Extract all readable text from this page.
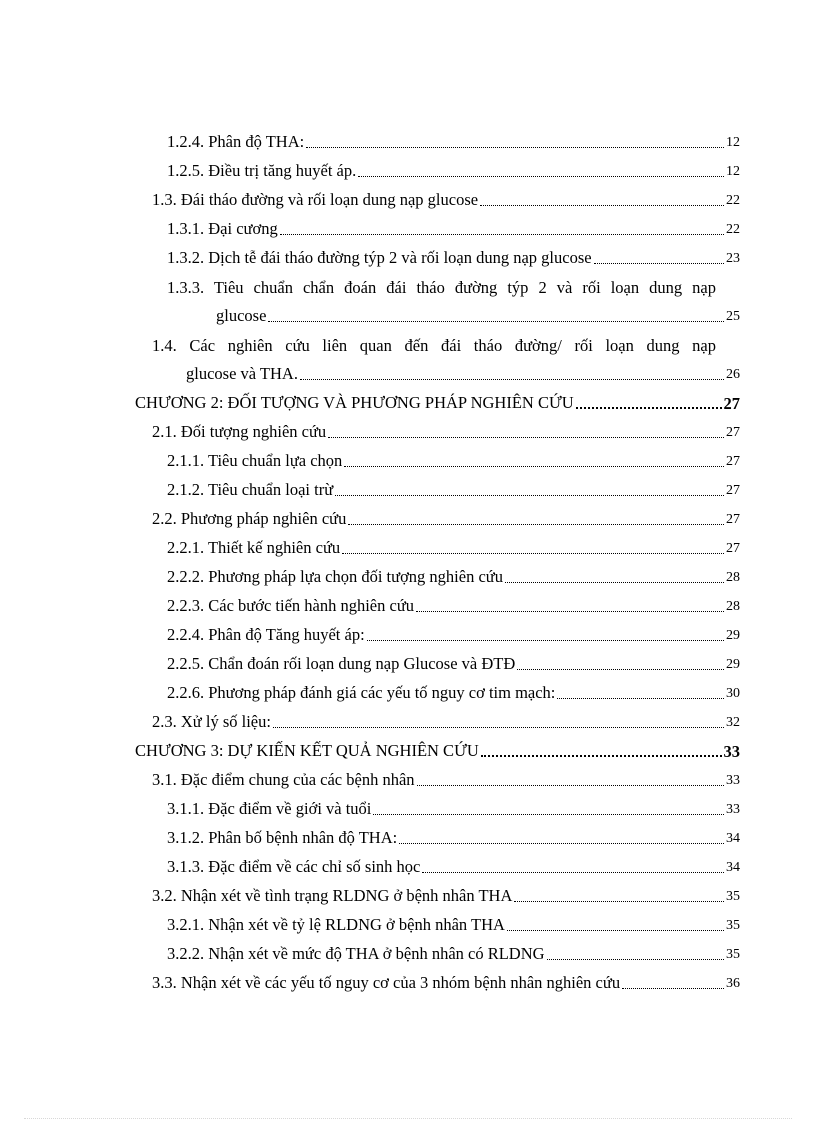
1.2.4. Phân độ THA:	12
1.2.5. Điều trị tăng huyết áp.	12
1.3. Đái tháo đường và rối loạn dung nạp glucose	22
1.3.1. Đại cương	22
1.3.2. Dịch tễ đái tháo đường týp 2 và rối loạn dung nạp glucose	23
1.3.3. Tiêu chuẩn chẩn đoán đái tháo đường týp 2 và rối loạn dung nạp
glucose	25
1.4. Các nghiên cứu liên quan đến đái tháo đường/ rối loạn dung nạp
glucose và THA.	26
CHƯƠNG 2: ĐỐI TƯỢNG VÀ PHƯƠNG PHÁP NGHIÊN CỨU	27
2.1. Đối tượng nghiên cứu	27
2.1.1. Tiêu chuẩn lựa chọn	27
2.1.2. Tiêu chuẩn loại trừ	27
2.2. Phương pháp nghiên cứu	27
2.2.1. Thiết kế nghiên cứu	27
2.2.2. Phương pháp lựa chọn đối tượng nghiên cứu	28
2.2.3. Các bước tiến hành nghiên cứu	28
2.2.4. Phân độ Tăng huyết áp:	29
2.2.5. Chẩn đoán rối loạn dung nạp Glucose và ĐTĐ	29
2.2.6. Phương pháp đánh giá các yếu tố nguy cơ tim mạch:	30
2.3. Xử lý số liệu:	32
CHƯƠNG 3: DỰ KIẾN KẾT QUẢ NGHIÊN CỨU	33
3.1. Đặc điểm chung của các bệnh nhân	33
3.1.1. Đặc điểm về giới và tuổi	33
3.1.2. Phân bố bệnh nhân độ THA:	34
3.1.3. Đặc điểm về các chỉ số sinh học	34
3.2. Nhận xét về tình trạng RLDNG ở bệnh nhân THA	35
3.2.1. Nhận xét về tỷ lệ RLDNG ở bệnh nhân THA	35
3.2.2. Nhận xét về mức độ THA ở bệnh nhân có RLDNG	35
3.3. Nhận xét về các yếu tố nguy cơ của 3 nhóm bệnh nhân nghiên cứu	36
